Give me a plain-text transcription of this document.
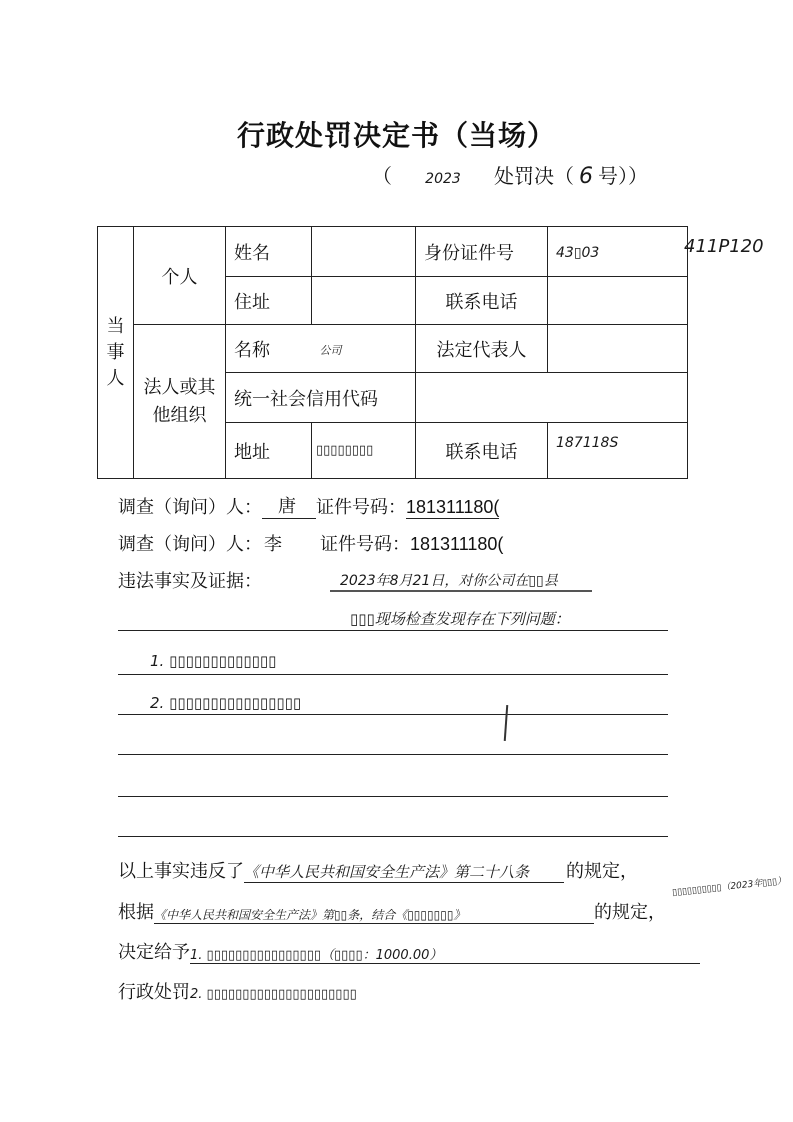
行政处罚决定书（当场）
（ 2023 处罚决（ 6 号））
当事人	个人	姓名		身份证件号	43▯03
		住址		联系电话	

	法人或其他组织	名称	公司	法定代表人	
		统一社会信用代码			
		地址	▯▯▯▯▯▯▯▯	联系电话	187118S
411P120
调查（询问）人： 唐 证件号码：181311180(
调查（询问）人： 李 证件号码：181311180(
违法事实及证据：	2023年8月21日，对你公司在▯▯县
▯▯▯现场检查发现存在下列问题：
1. ▯▯▯▯▯▯▯▯▯▯▯▯▯
2. ▯▯▯▯▯▯▯▯▯▯▯▯▯▯▯▯
以上事实违反了《中华人民共和国安全生产法》第二十八条 的规定，
根据《中华人民共和国安全生产法》第▯▯条，结合《▯▯▯▯▯▯▯》	的规定，
▯▯▯▯▯▯▯▯▯▯（2023年▯▯▯）
决定给予1. ▯▯▯▯▯▯▯▯▯▯▯▯▯▯▯▯（▯▯▯▯：1000.00）
行政处罚2. ▯▯▯▯▯▯▯▯▯▯▯▯▯▯▯▯▯▯▯▯▯
